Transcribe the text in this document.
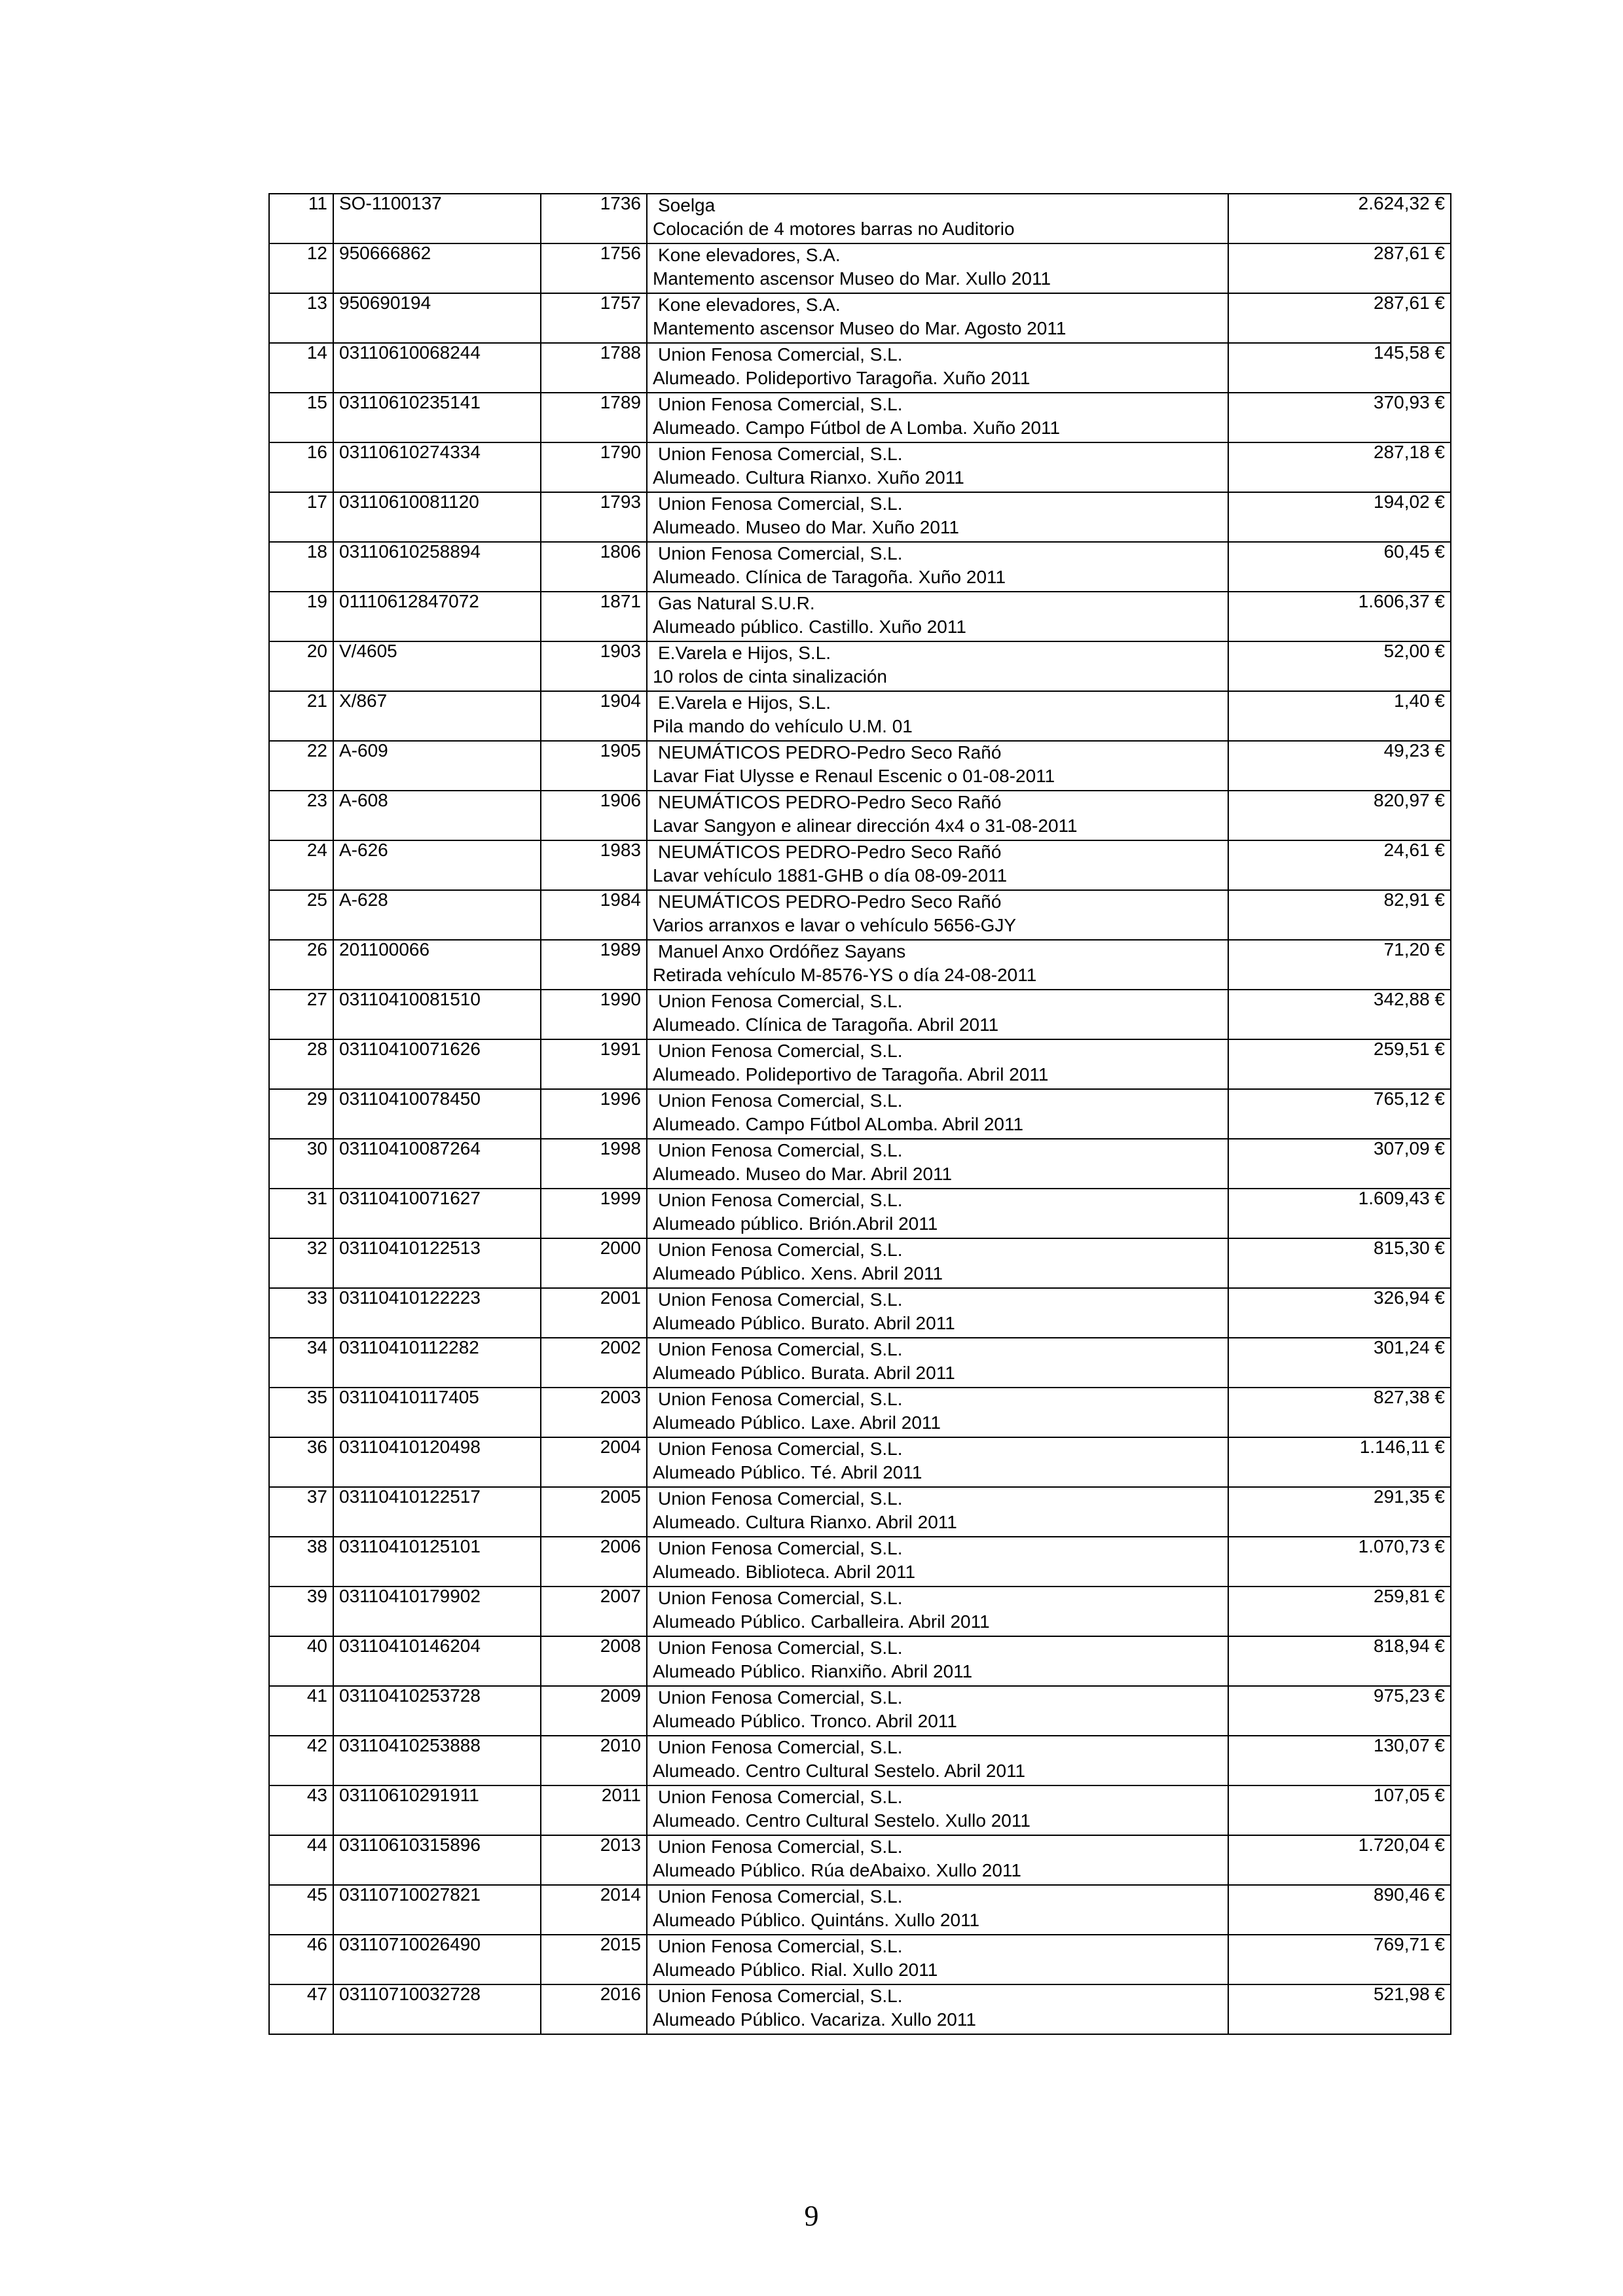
11	SO-1100137	1736	Soelga
Colocación de 4 motores barras no Auditorio	2.624,32 €
12	950666862	1756	Kone elevadores, S.A.
Mantemento ascensor Museo do Mar. Xullo 2011	287,61 €
13	950690194	1757	Kone elevadores, S.A.
Mantemento ascensor Museo do Mar. Agosto 2011	287,61 €
14	03110610068244	1788	Union Fenosa Comercial, S.L.
Alumeado. Polideportivo Taragoña. Xuño 2011	145,58 €
15	03110610235141	1789	Union Fenosa Comercial, S.L.
Alumeado. Campo Fútbol de A Lomba. Xuño 2011	370,93 €
16	03110610274334	1790	Union Fenosa Comercial, S.L.
Alumeado. Cultura Rianxo. Xuño 2011	287,18 €
17	03110610081120	1793	Union Fenosa Comercial, S.L.
Alumeado. Museo do Mar. Xuño 2011	194,02 €
18	03110610258894	1806	Union Fenosa Comercial, S.L.
Alumeado. Clínica de Taragoña. Xuño 2011	60,45 €
19	01110612847072	1871	Gas Natural S.U.R.
Alumeado público. Castillo. Xuño 2011	1.606,37 €
20	V/4605	1903	E.Varela e Hijos, S.L.
10 rolos de cinta sinalización	52,00 €
21	X/867	1904	E.Varela e Hijos, S.L.
Pila mando do vehículo U.M. 01	1,40 €
22	A-609	1905	NEUMÁTICOS PEDRO-Pedro Seco Rañó
Lavar Fiat Ulysse e Renaul Escenic o 01-08-2011	49,23 €
23	A-608	1906	NEUMÁTICOS PEDRO-Pedro Seco Rañó
Lavar Sangyon e alinear dirección 4x4 o 31-08-2011	820,97 €
24	A-626	1983	NEUMÁTICOS PEDRO-Pedro Seco Rañó
Lavar vehículo 1881-GHB o día 08-09-2011	24,61 €
25	A-628	1984	NEUMÁTICOS PEDRO-Pedro Seco Rañó
Varios arranxos e lavar o vehículo 5656-GJY	82,91 €
26	201100066	1989	Manuel Anxo Ordóñez Sayans
Retirada vehículo M-8576-YS o día 24-08-2011	71,20 €
27	03110410081510	1990	Union Fenosa Comercial, S.L.
Alumeado. Clínica de Taragoña. Abril 2011	342,88 €
28	03110410071626	1991	Union Fenosa Comercial, S.L.
Alumeado. Polideportivo de Taragoña. Abril 2011	259,51 €
29	03110410078450	1996	Union Fenosa Comercial, S.L.
Alumeado. Campo Fútbol ALomba. Abril 2011	765,12 €
30	03110410087264	1998	Union Fenosa Comercial, S.L.
Alumeado. Museo do Mar. Abril 2011	307,09 €
31	03110410071627	1999	Union Fenosa Comercial, S.L.
Alumeado público. Brión.Abril 2011	1.609,43 €
32	03110410122513	2000	Union Fenosa Comercial, S.L.
Alumeado Público. Xens. Abril 2011	815,30 €
33	03110410122223	2001	Union Fenosa Comercial, S.L.
Alumeado Público. Burato. Abril 2011	326,94 €
34	03110410112282	2002	Union Fenosa Comercial, S.L.
Alumeado Público. Burata. Abril 2011	301,24 €
35	03110410117405	2003	Union Fenosa Comercial, S.L.
Alumeado Público. Laxe. Abril 2011	827,38 €
36	03110410120498	2004	Union Fenosa Comercial, S.L.
Alumeado Público. Té. Abril 2011	1.146,11 €
37	03110410122517	2005	Union Fenosa Comercial, S.L.
Alumeado. Cultura Rianxo. Abril 2011	291,35 €
38	03110410125101	2006	Union Fenosa Comercial, S.L.
Alumeado. Biblioteca. Abril 2011	1.070,73 €
39	03110410179902	2007	Union Fenosa Comercial, S.L.
Alumeado Público. Carballeira. Abril 2011	259,81 €
40	03110410146204	2008	Union Fenosa Comercial, S.L.
Alumeado Público. Rianxiño. Abril 2011	818,94 €
41	03110410253728	2009	Union Fenosa Comercial, S.L.
Alumeado Público. Tronco. Abril 2011	975,23 €
42	03110410253888	2010	Union Fenosa Comercial, S.L.
Alumeado. Centro Cultural Sestelo. Abril 2011	130,07 €
43	03110610291911	2011	Union Fenosa Comercial, S.L.
Alumeado. Centro Cultural Sestelo. Xullo 2011	107,05 €
44	03110610315896	2013	Union Fenosa Comercial, S.L.
Alumeado Público. Rúa deAbaixo. Xullo 2011	1.720,04 €
45	03110710027821	2014	Union Fenosa Comercial, S.L.
Alumeado Público. Quintáns. Xullo 2011	890,46 €
46	03110710026490	2015	Union Fenosa Comercial, S.L.
Alumeado Público. Rial. Xullo 2011	769,71 €
47	03110710032728	2016	Union Fenosa Comercial, S.L.
Alumeado Público. Vacariza. Xullo 2011	521,98 €
9
